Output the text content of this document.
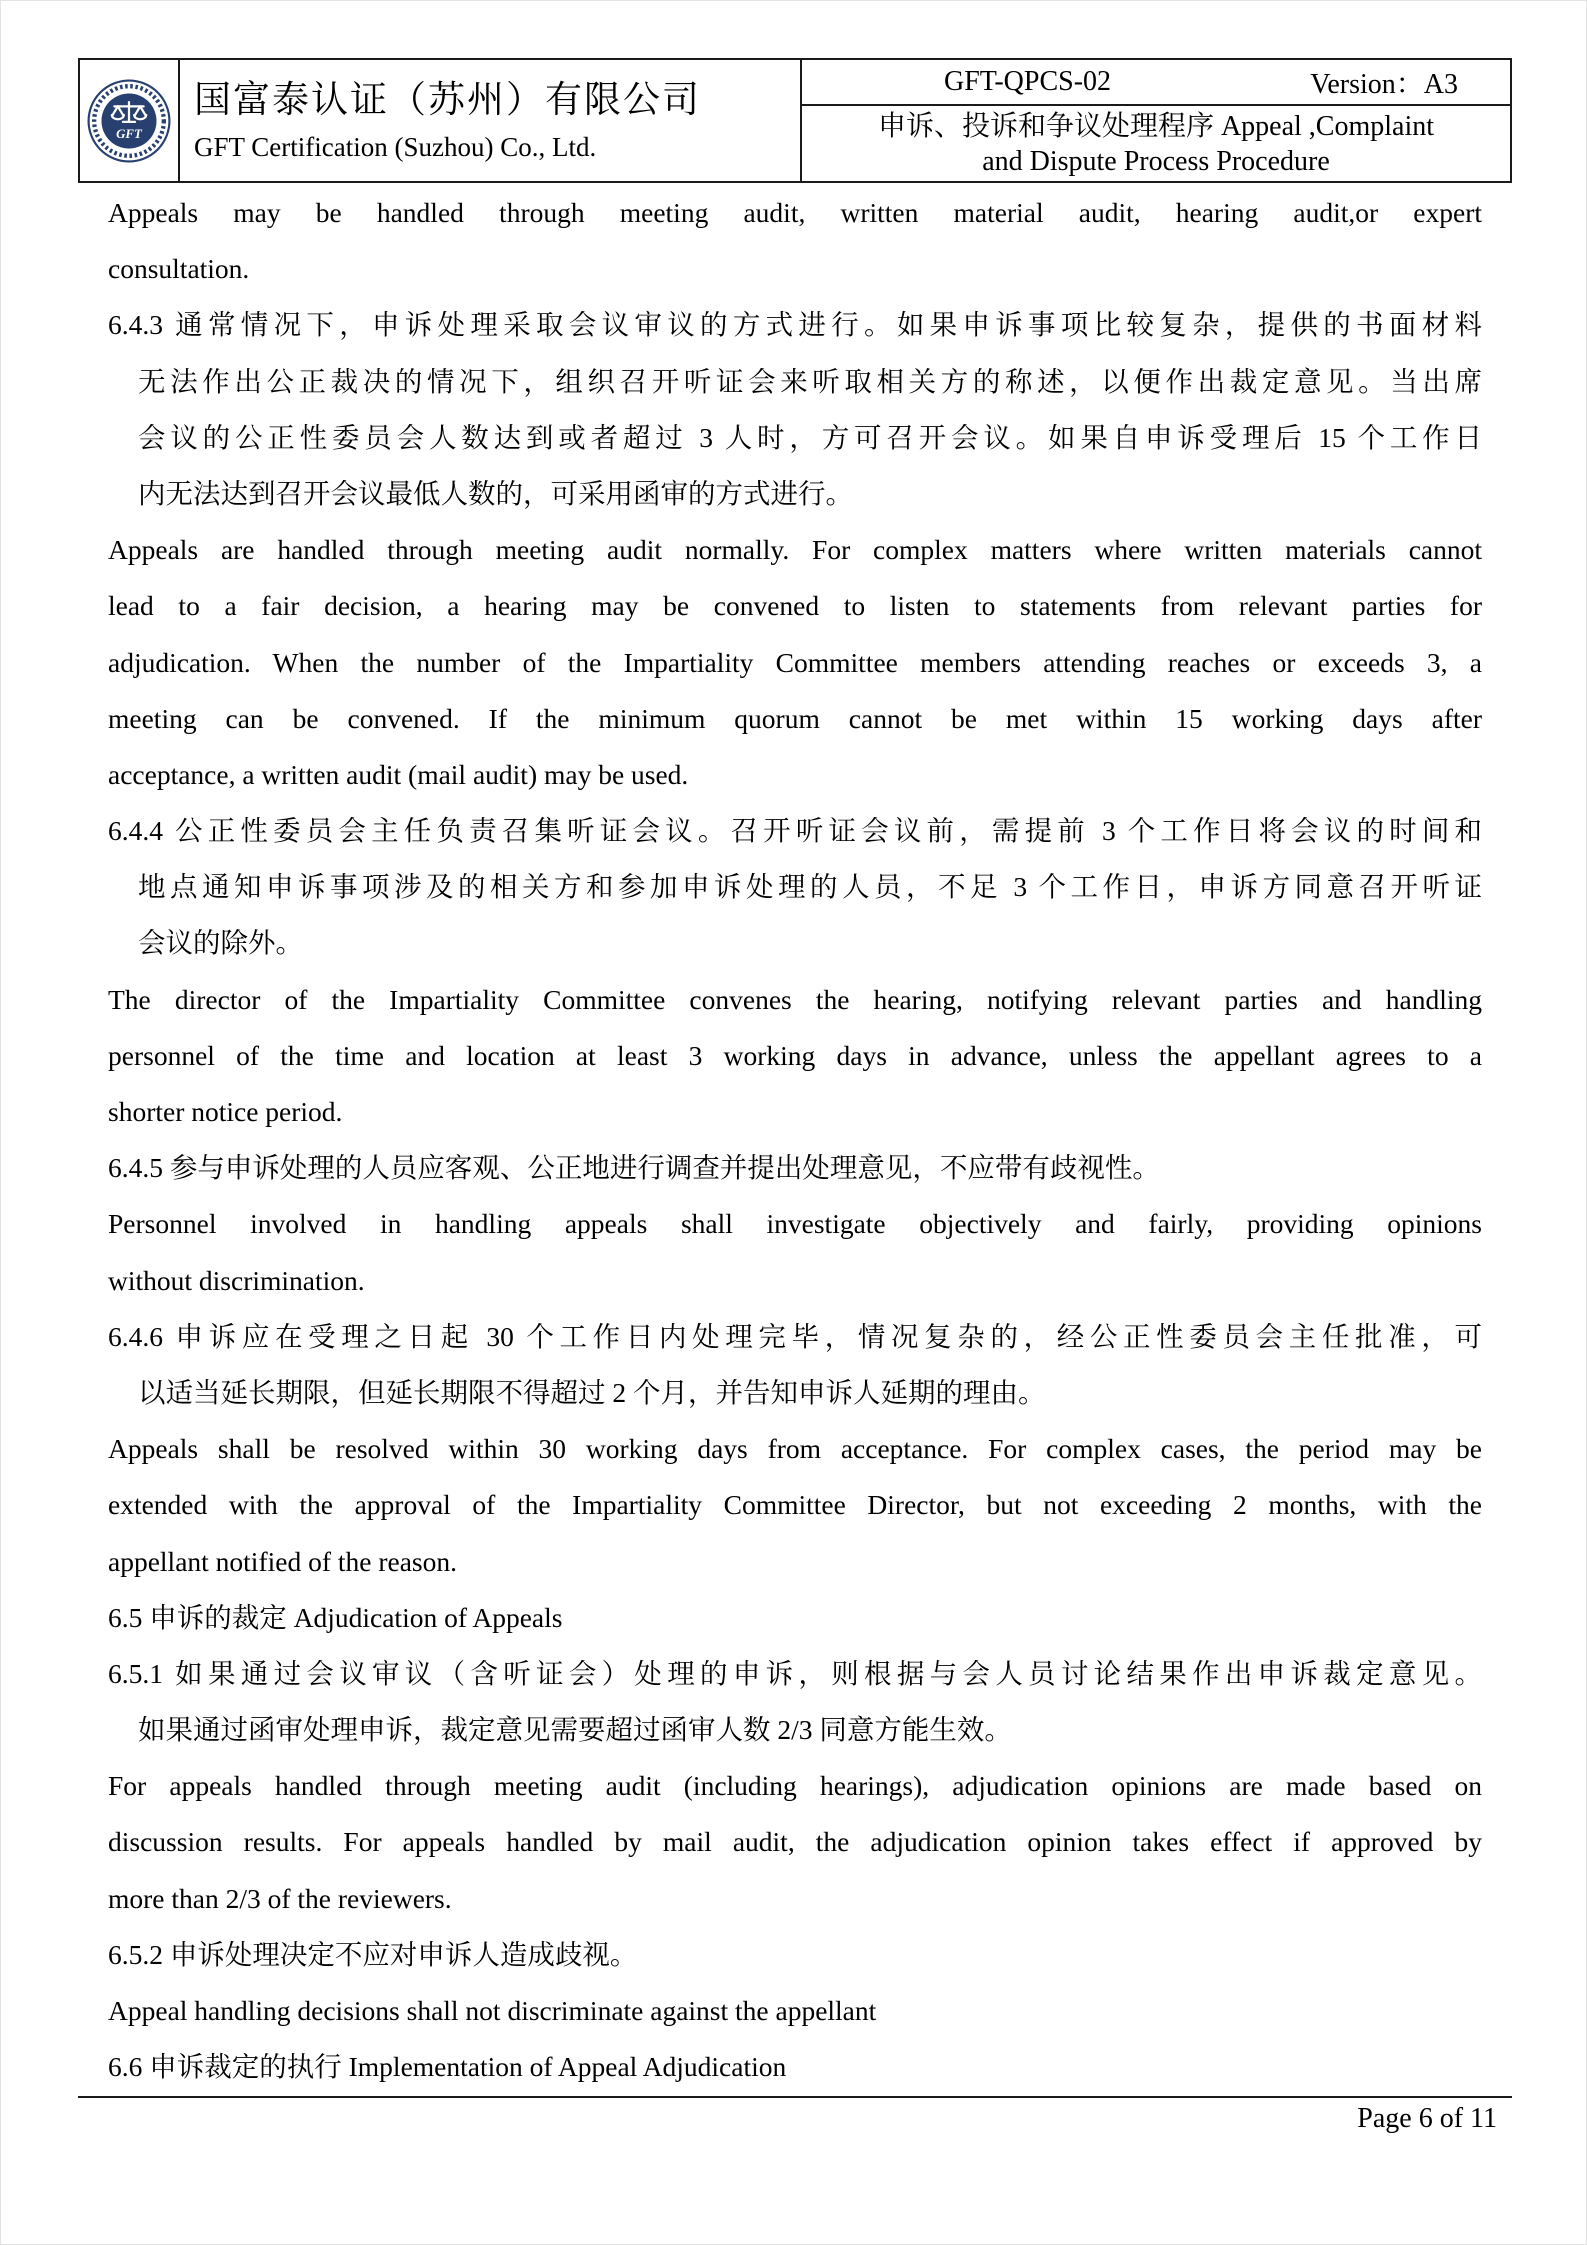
GFT
国富泰认证（苏州）有限公司
GFT Certification (Suzhou) Co., Ltd.
GFT-QPCS-02	Version：A3
申诉、投诉和争议处理程序 Appeal ,Complaint
and Dispute Process Procedure
Appeals may be handled through meeting audit, written material audit, hearing audit,or expert
consultation.
6.4.3 通常情况下，申诉处理采取会议审议的方式进行。如果申诉事项比较复杂，提供的书面材料
无法作出公正裁决的情况下，组织召开听证会来听取相关方的称述，以便作出裁定意见。当出席
会议的公正性委员会人数达到或者超过 3 人时，方可召开会议。如果自申诉受理后 15 个工作日
内无法达到召开会议最低人数的，可采用函审的方式进行。
Appeals are handled through meeting audit normally. For complex matters where written materials cannot
lead to a fair decision, a hearing may be convened to listen to statements from relevant parties for
adjudication. When the number of the Impartiality Committee members attending reaches or exceeds 3, a
meeting can be convened. If the minimum quorum cannot be met within 15 working days after
acceptance, a written audit (mail audit) may be used.
6.4.4 公正性委员会主任负责召集听证会议。召开听证会议前，需提前 3 个工作日将会议的时间和
地点通知申诉事项涉及的相关方和参加申诉处理的人员，不足 3 个工作日，申诉方同意召开听证
会议的除外。
The director of the Impartiality Committee convenes the hearing, notifying relevant parties and handling
personnel of the time and location at least 3 working days in advance, unless the appellant agrees to a
shorter notice period.
6.4.5 参与申诉处理的人员应客观、公正地进行调查并提出处理意见，不应带有歧视性。
Personnel involved in handling appeals shall investigate objectively and fairly, providing opinions
without discrimination.
6.4.6 申诉应在受理之日起 30 个工作日内处理完毕，情况复杂的，经公正性委员会主任批准，可
以适当延长期限，但延长期限不得超过 2 个月，并告知申诉人延期的理由。
Appeals shall be resolved within 30 working days from acceptance. For complex cases, the period may be
extended with the approval of the Impartiality Committee Director, but not exceeding 2 months, with the
appellant notified of the reason.
6.5 申诉的裁定 Adjudication of Appeals
6.5.1 如果通过会议审议（含听证会）处理的申诉，则根据与会人员讨论结果作出申诉裁定意见。
如果通过函审处理申诉，裁定意见需要超过函审人数 2/3 同意方能生效。
For appeals handled through meeting audit (including hearings), adjudication opinions are made based on
discussion results. For appeals handled by mail audit, the adjudication opinion takes effect if approved by
more than 2/3 of the reviewers.
6.5.2 申诉处理决定不应对申诉人造成歧视。
Appeal handling decisions shall not discriminate against the appellant
6.6 申诉裁定的执行 Implementation of Appeal Adjudication
Page 6 of 11
